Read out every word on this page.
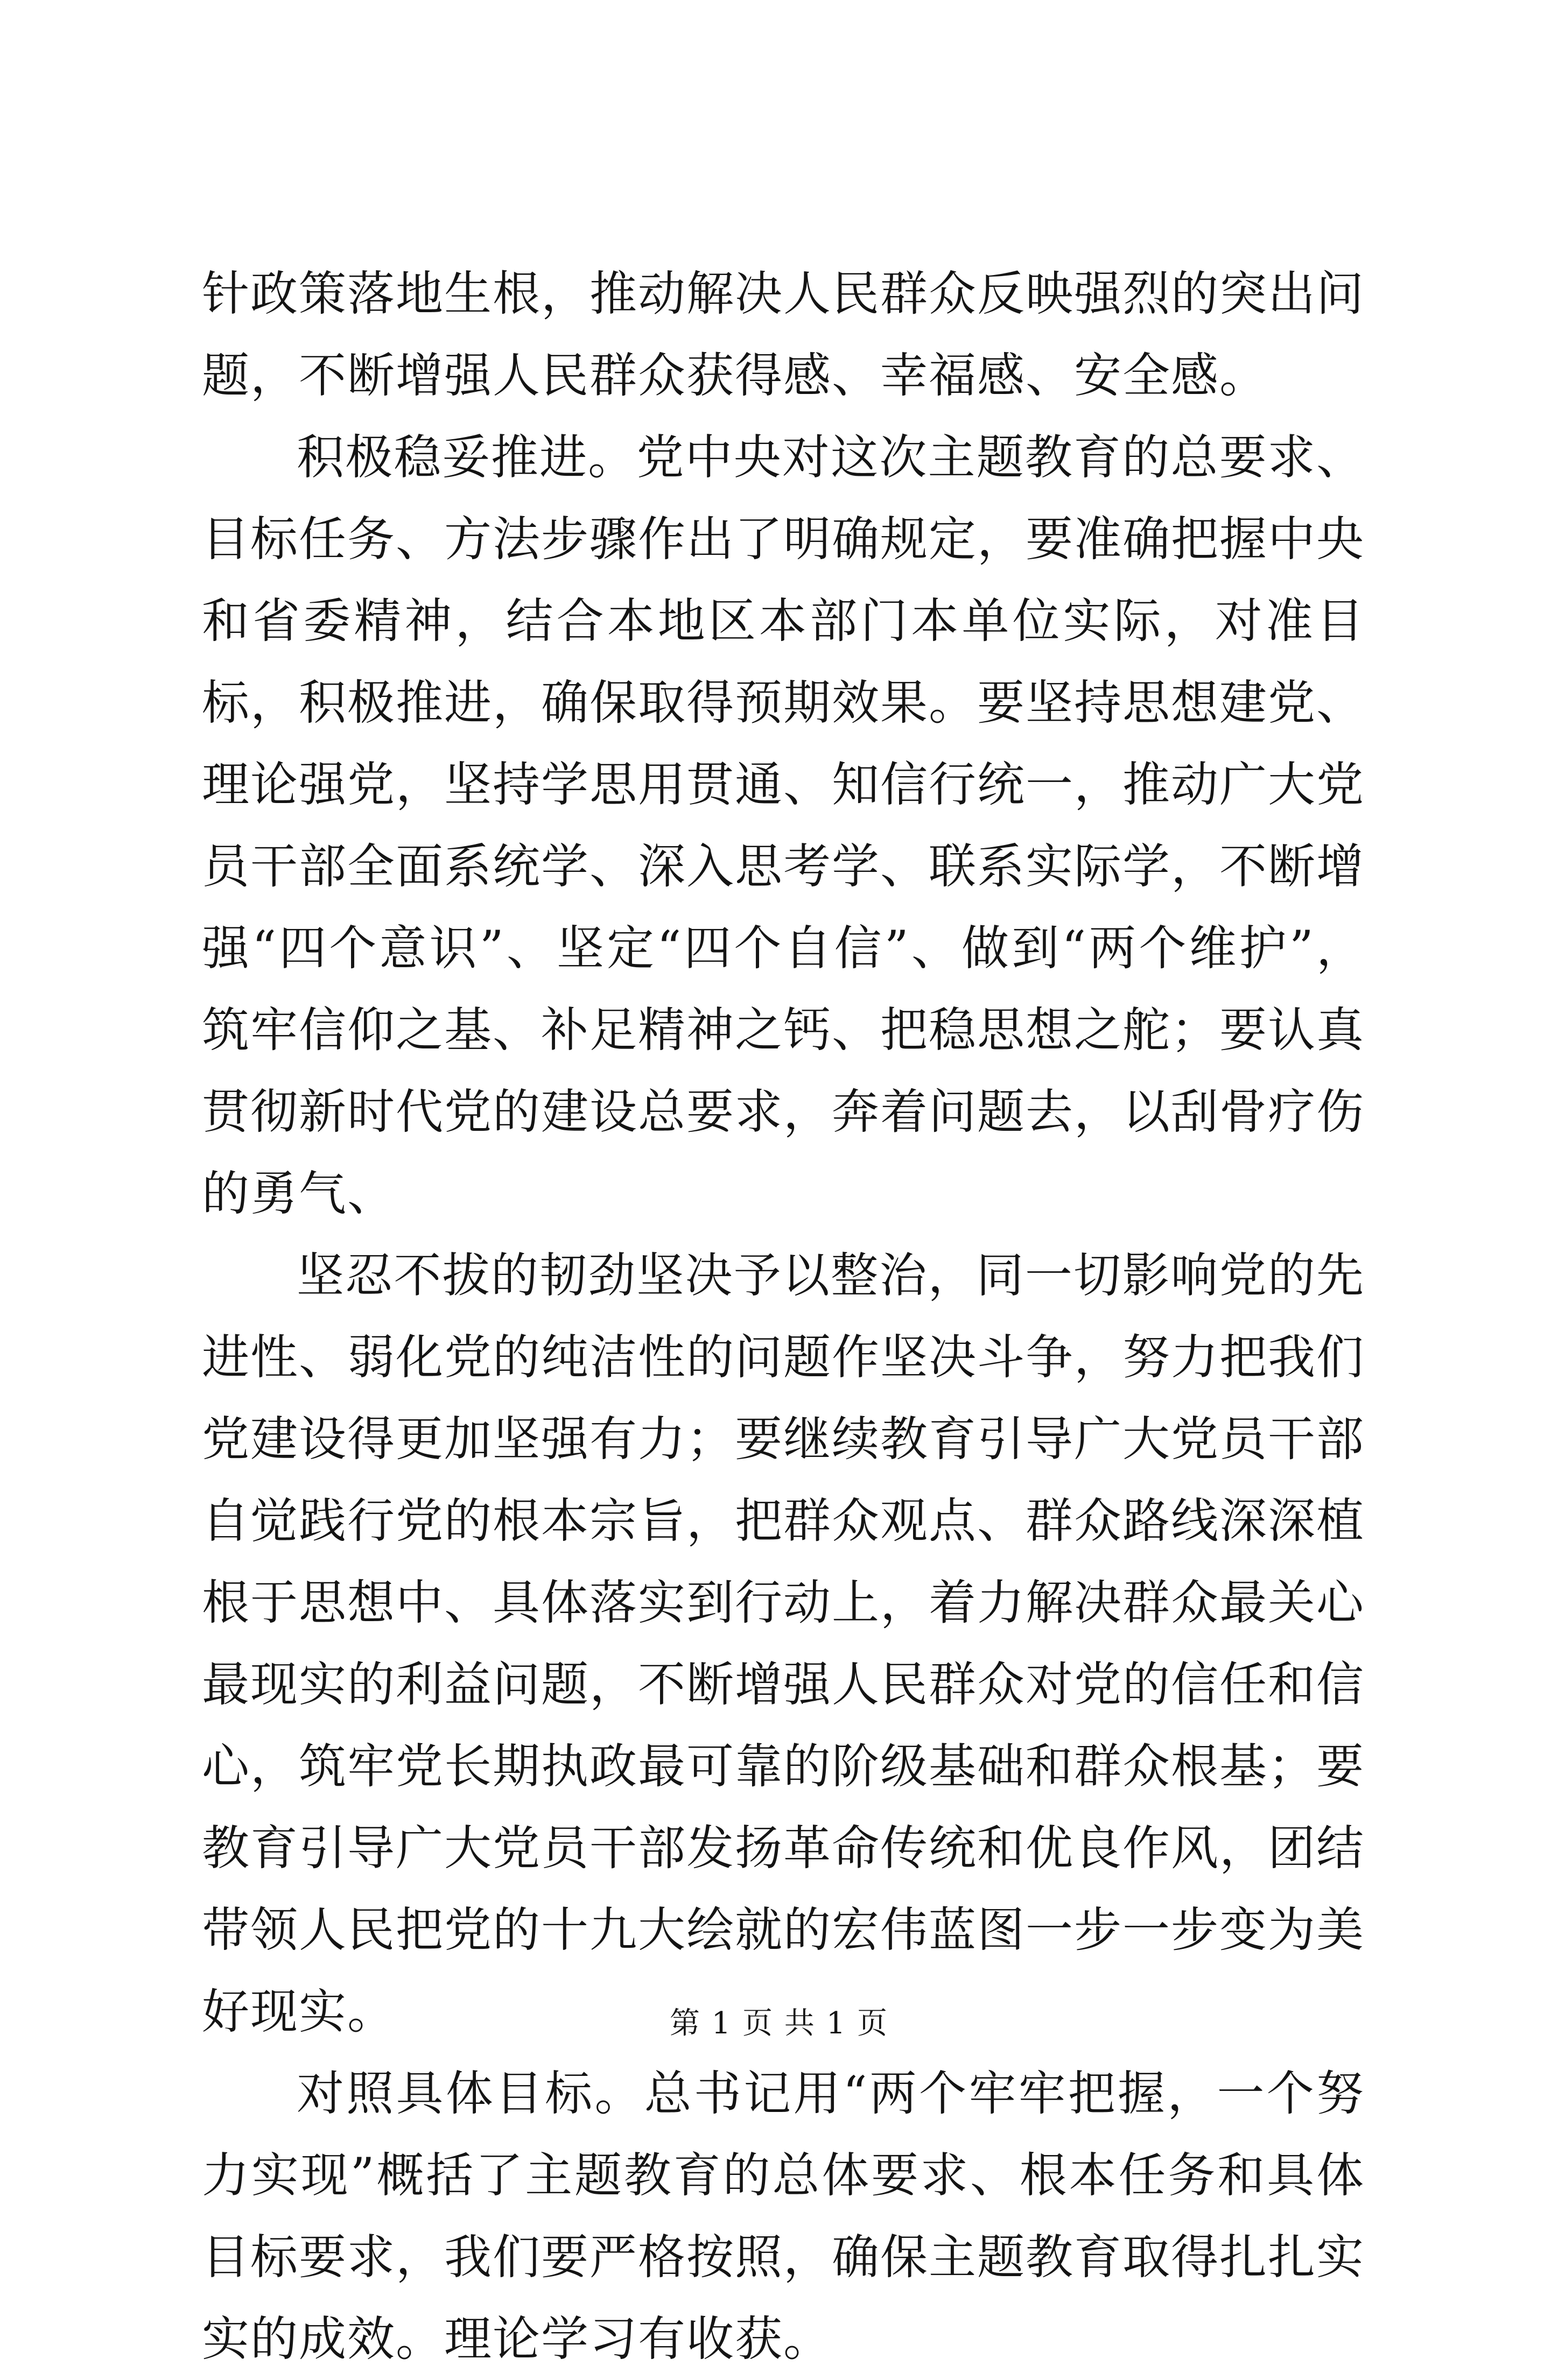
针政策落地生根，推动解决人民群众反映强烈的突出问题，不断增强人民群众获得感、幸福感、安全感。

积极稳妥推进。党中央对这次主题教育的总要求、目标任务、方法步骤作出了明确规定，要准确把握中央和省委精神，结合本地区本部门本单位实际，对准目标，积极推进，确保取得预期效果。要坚持思想建党、理论强党，坚持学思用贯通、知信行统一，推动广大党员干部全面系统学、深入思考学、联系实际学，不断增强“四个意识”、坚定“四个自信”、做到“两个维护”，筑牢信仰之基、补足精神之钙、把稳思想之舵；要认真贯彻新时代党的建设总要求，奔着问题去，以刮骨疗伤的勇气、

坚忍不拔的韧劲坚决予以整治，同一切影响党的先进性、弱化党的纯洁性的问题作坚决斗争，努力把我们党建设得更加坚强有力；要继续教育引导广大党员干部自觉践行党的根本宗旨，把群众观点、群众路线深深植根于思想中、具体落实到行动上，着力解决群众最关心最现实的利益问题，不断增强人民群众对党的信任和信心，筑牢党长期执政最可靠的阶级基础和群众根基；要教育引导广大党员干部发扬革命传统和优良作风，团结带领人民把党的十九大绘就的宏伟蓝图一步一步变为美好现实。

对照具体目标。总书记用“两个牢牢把握，一个努力实现”概括了主题教育的总体要求、根本任务和具体目标要求，我们要严格按照，确保主题教育取得扎扎实实的成效。理论学习有收获。

第 1 页 共 1 页
